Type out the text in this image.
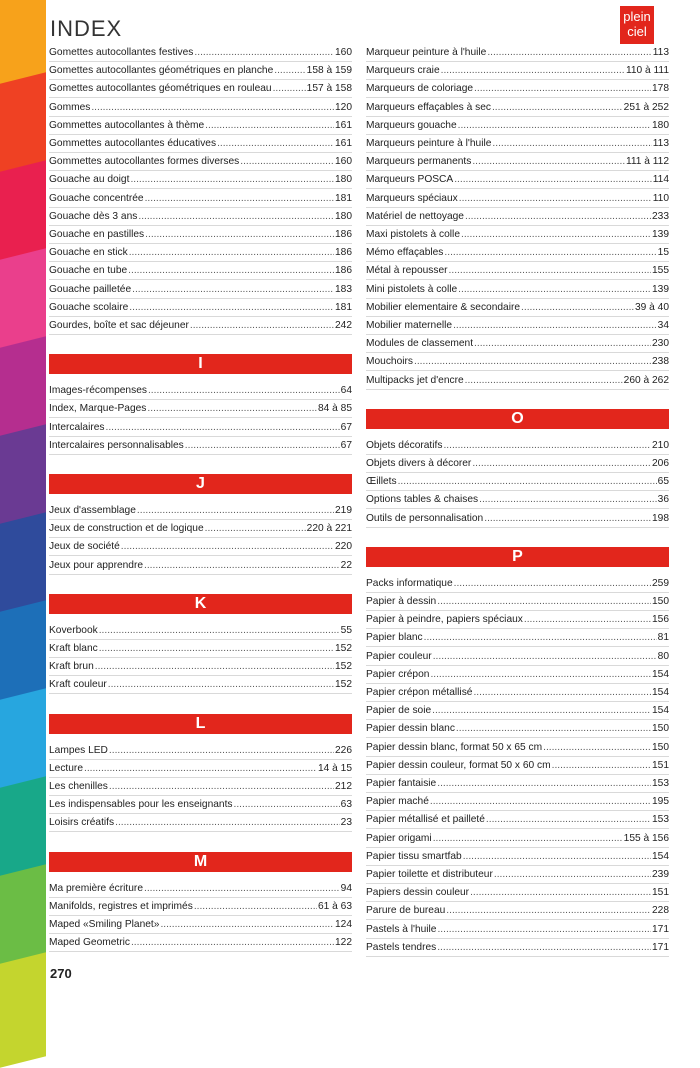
INDEX	plein
ciel
Gomettes autocollantes festives .....	160
Gomettes autocollantes géométriques en planche .....	158 à 159
Gomettes autocollantes géométriques en rouleau .....	157 à 158
Gommes .....	120
Gommettes autocollantes à thème .....	161
Gommettes autocollantes éducatives .....	161
Gommettes autocollantes formes diverses .....	160
Gouache au doigt .....	180
Gouache concentrée .....	181
Gouache dès 3 ans .....	180
Gouache en pastilles .....	186
Gouache en stick .....	186
Gouache en tube .....	186
Gouache pailletée .....	183
Gouache scolaire .....	181
Gourdes, boîte et sac déjeuner .....	242
I
Images-récompenses .....	64
Index, Marque-Pages .....	84 à 85
Intercalaires .....	67
Intercalaires personnalisables .....	67
J
Jeux d'assemblage .....	219
Jeux de construction et de logique .....	220 à 221
Jeux de société .....	220
Jeux pour apprendre .....	22
K
Koverbook .....	55
Kraft blanc .....	152
Kraft brun .....	152
Kraft couleur .....	152
L
Lampes LED .....	226
Lecture .....	14 à 15
Les chenilles .....	212
Les indispensables pour les enseignants .....	63
Loisirs créatifs .....	23
M
Ma première écriture .....	94
Manifolds, registres et imprimés .....	61 à 63
Maped «Smiling Planet» .....	124
Maped Geometric .....	122
Marqueur peinture à l'huile .....	113
Marqueurs craie .....	110 à 111
Marqueurs de coloriage .....	178
Marqueurs effaçables à sec .....	251 à 252
Marqueurs gouache .....	180
Marqueurs peinture à l'huile .....	113
Marqueurs permanents .....	111 à 112
Marqueurs POSCA .....	114
Marqueurs spéciaux .....	110
Matériel de nettoyage .....	233
Maxi pistolets à colle .....	139
Mémo effaçables .....	15
Métal à repousser .....	155
Mini pistolets à colle .....	139
Mobilier elementaire & secondaire .....	39 à 40
Mobilier maternelle .....	34
Modules de classement .....	230
Mouchoirs .....	238
Multipacks jet d'encre .....	260 à 262
O
Objets décoratifs .....	210
Objets divers à décorer .....	206
Œillets .....	65
Options tables & chaises .....	36
Outils de personnalisation .....	198
P
Packs informatique .....	259
Papier à dessin .....	150
Papier à peindre, papiers spéciaux .....	156
Papier blanc .....	81
Papier couleur .....	80
Papier crépon .....	154
Papier crépon métallisé .....	154
Papier de soie .....	154
Papier dessin blanc .....	150
Papier dessin blanc, format 50 x 65 cm .....	150
Papier dessin couleur, format 50 x 60 cm .....	151
Papier fantaisie .....	153
Papier maché .....	195
Papier métallisé et pailleté .....	153
Papier origami .....	155 à 156
Papier tissu smartfab .....	154
Papier toilette et distributeur .....	239
Papiers dessin couleur .....	151
Parure de bureau .....	228
Pastels à l'huile .....	171
Pastels tendres .....	171
270
